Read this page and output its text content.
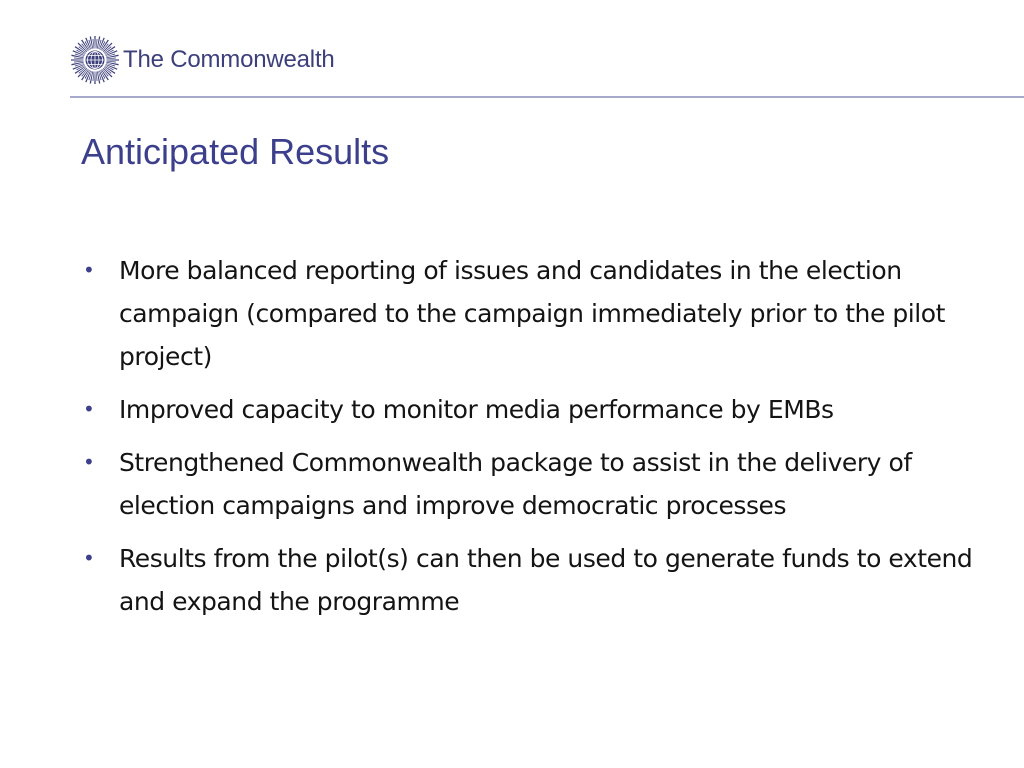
The Commonwealth
Anticipated Results
• More balanced reporting of issues and candidates in the election campaign (compared to the campaign immediately prior to the pilot project)
• Improved capacity to monitor media performance by EMBs
• Strengthened Commonwealth package to assist in the delivery of election campaigns and improve democratic processes
• Results from the pilot(s) can then be used to generate funds to extend and expand the programme
